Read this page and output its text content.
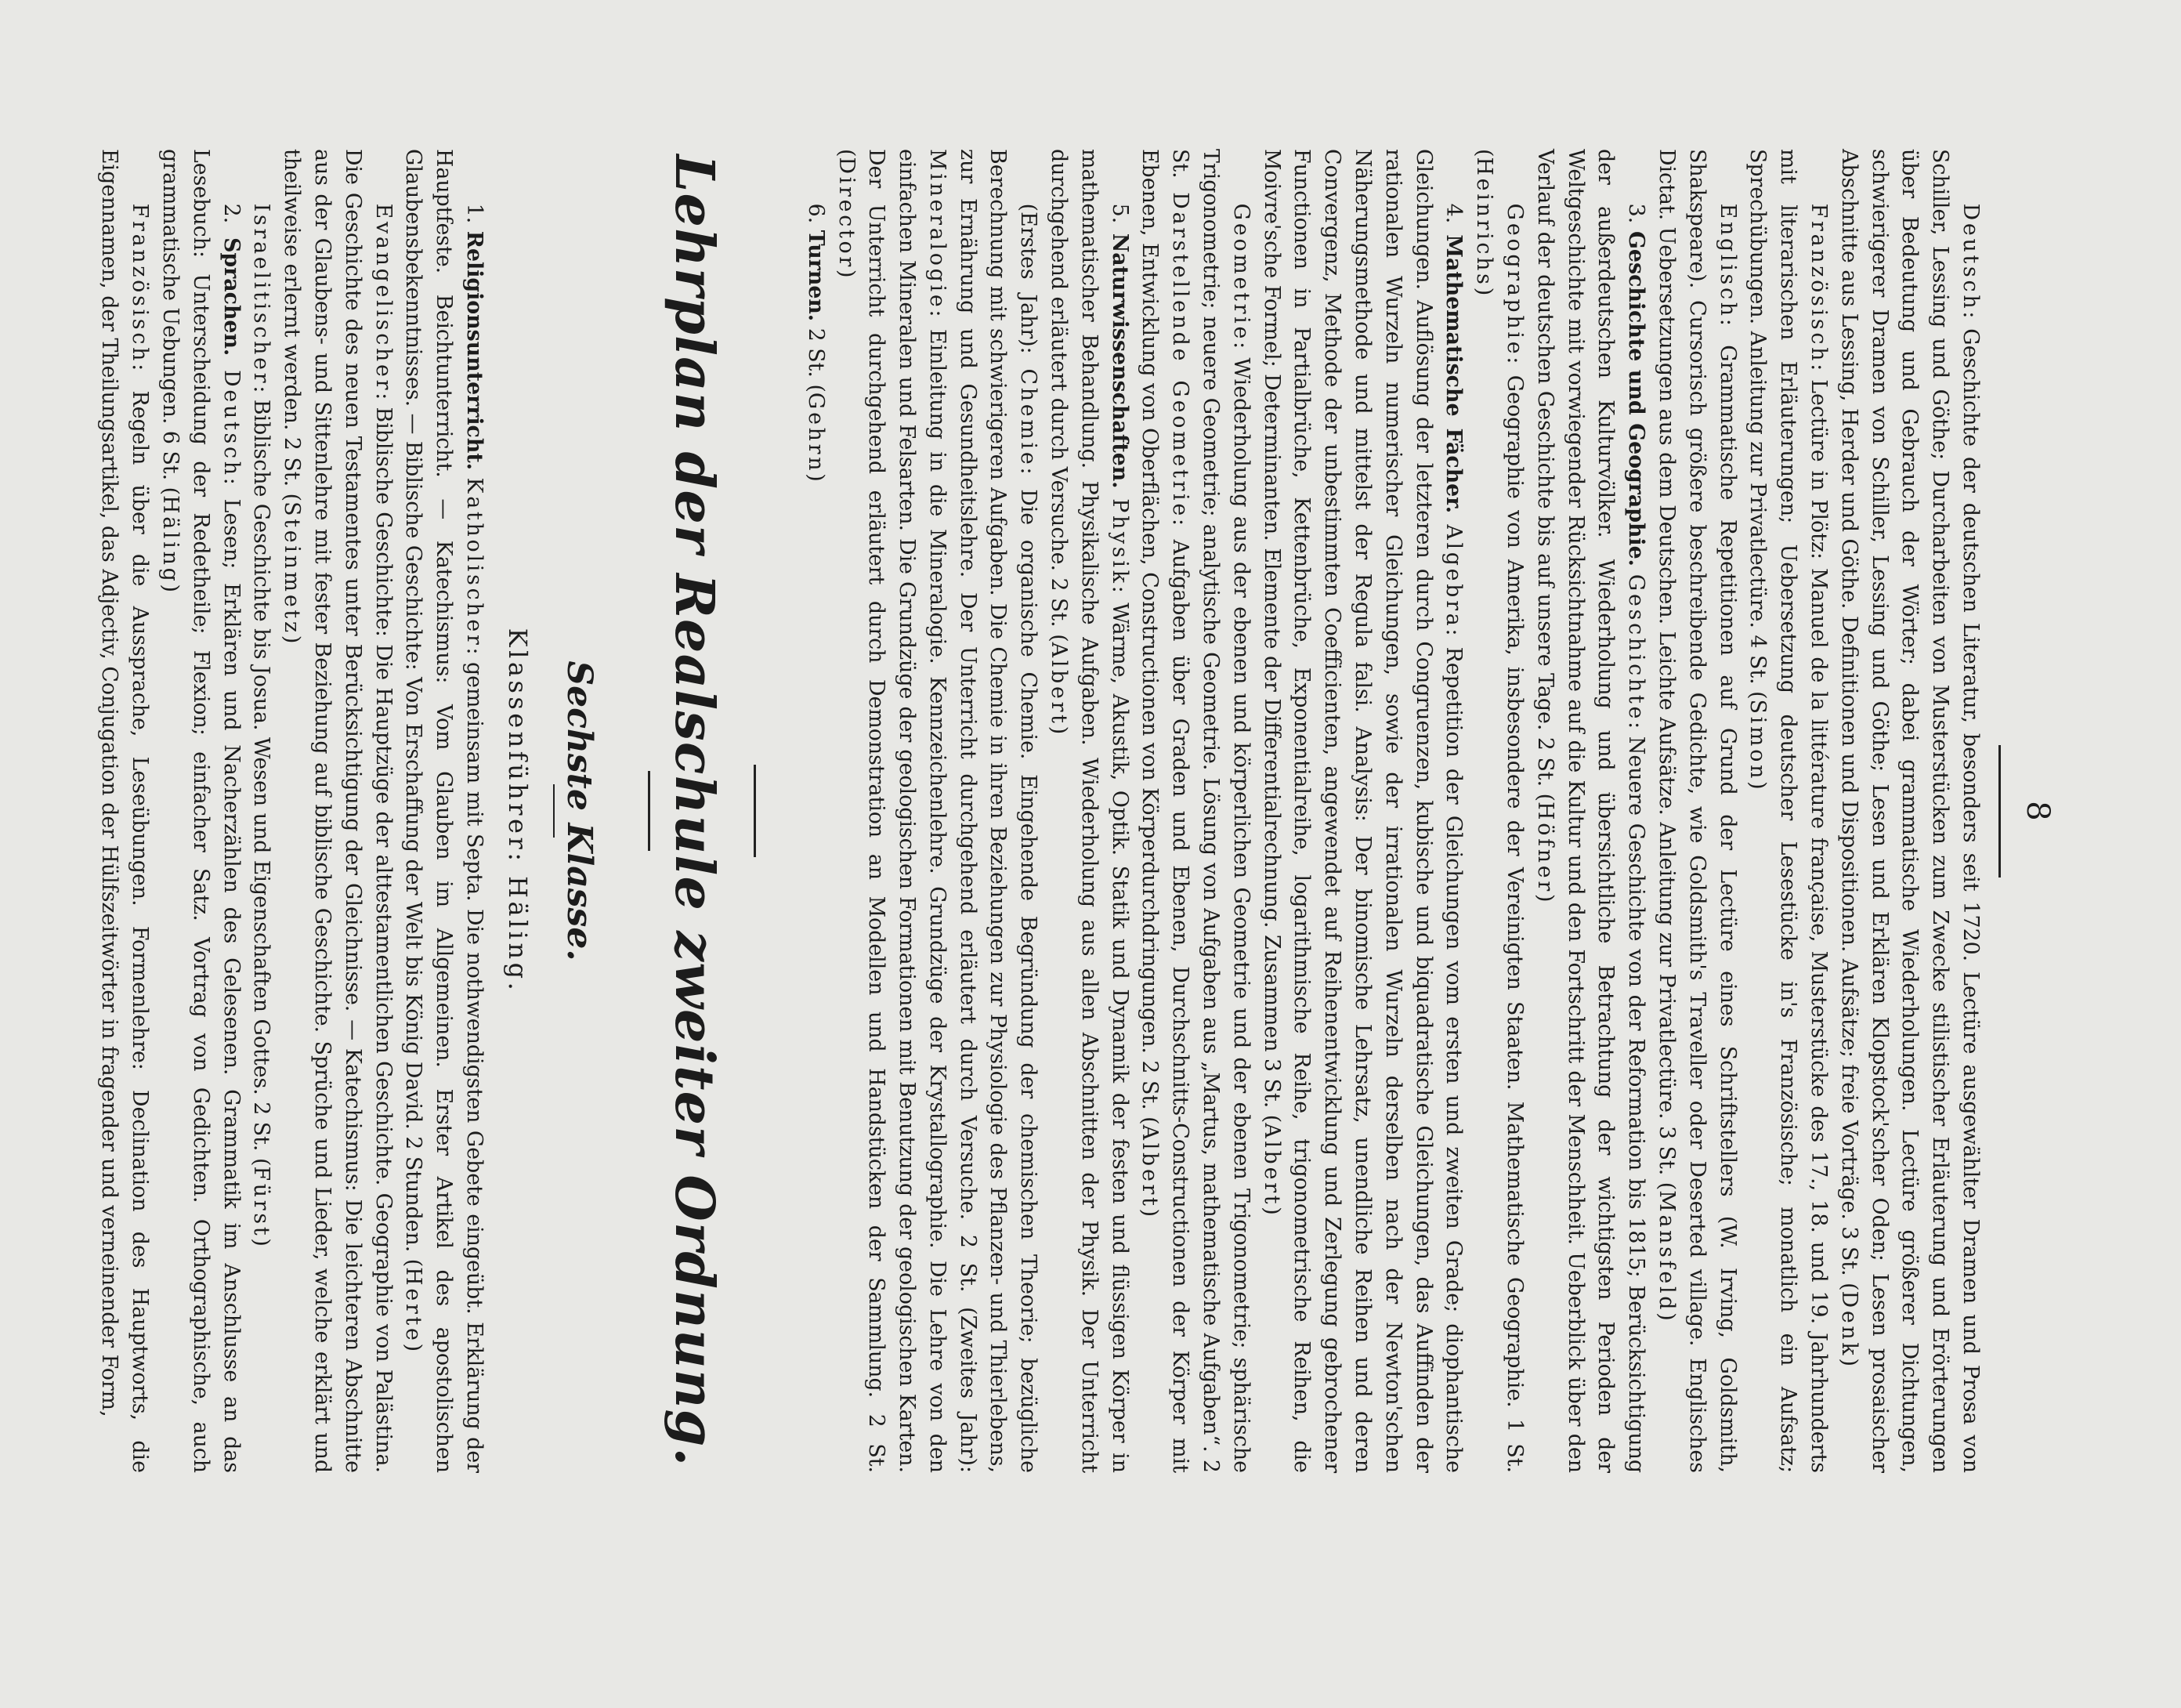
8

Deutsch: Geschichte der deutschen Literatur, besonders seit 1720. Lectüre ausgewählter Dramen und Prosa von Schiller, Lessing und Göthe; Durcharbeiten von Musterstücken zum Zwecke stilistischer Erläuterung und Erörterungen über Bedeutung und Gebrauch der Wörter; dabei grammatische Wiederholungen. Lectüre größerer Dichtungen, schwierigerer Dramen von Schiller, Lessing und Göthe; Lesen und Erklären Klopstock'scher Oden; Lesen prosaischer Abschnitte aus Lessing, Herder und Göthe. Definitionen und Dispositionen. Aufsätze; freie Vorträge. 3 St. (Denk)

Französisch: Lectüre in Plötz: Manuel de la littérature française, Musterstücke des 17., 18. und 19. Jahrhunderts mit literarischen Erläuterungen; Uebersetzung deutscher Lesestücke in's Französische; monatlich ein Aufsatz; Sprechübungen. Anleitung zur Privatlectüre. 4 St. (Simon)

Englisch: Grammatische Repetitionen auf Grund der Lectüre eines Schriftstellers (W. Irving, Goldsmith, Shakspeare). Cursorisch größere beschreibende Gedichte, wie Goldsmith's Traveller oder Deserted village. Englisches Dictat. Uebersetzungen aus dem Deutschen. Leichte Aufsätze. Anleitung zur Privatlectüre. 3 St. (Mansfeld)

3. Geschichte und Geographie. Geschichte: Neuere Geschichte von der Reformation bis 1815; Berücksichtigung der außerdeutschen Kulturvölker. Wiederholung und übersichtliche Betrachtung der wichtigsten Perioden der Weltgeschichte mit vorwiegender Rücksichtnahme auf die Kultur und den Fortschritt der Menschheit. Ueberblick über den Verlauf der deutschen Geschichte bis auf unsere Tage. 2 St. (Höfner)

Geographie: Geographie von Amerika, insbesondere der Vereinigten Staaten. Mathematische Geographie. 1 St. (Heinrichs)

4. Mathematische Fächer. Algebra: Repetition der Gleichungen vom ersten und zweiten Grade; diophantische Gleichungen. Auflösung der letzteren durch Congruenzen, kubische und biquadratische Gleichungen, das Auffinden der rationalen Wurzeln numerischer Gleichungen, sowie der irrationalen Wurzeln derselben nach der Newton'schen Näherungsmethode und mittelst der Regula falsi. Analysis: Der binomische Lehrsatz, unendliche Reihen und deren Convergenz, Methode der unbestimmten Coefficienten, angewendet auf Reihenentwicklung und Zerlegung gebrochener Functionen in Partialbrüche, Kettenbrüche, Exponentialreihe, logarithmische Reihe, trigonometrische Reihen, die Moivre'sche Formel; Determinanten. Elemente der Differentialrechnung. Zusammen 3 St. (Albert)

Geometrie: Wiederholung aus der ebenen und körperlichen Geometrie und der ebenen Trigonometrie; sphärische Trigonometrie; neuere Geometrie; analytische Geometrie. Lösung von Aufgaben aus „Martus, mathematische Aufgaben“. 2 St. Darstellende Geometrie: Aufgaben über Graden und Ebenen, Durchschnitts-Constructionen der Körper mit Ebenen, Entwicklung von Oberflächen, Constructionen von Körperdurchdringungen. 2 St. (Albert)

5. Naturwissenschaften. Physik: Wärme, Akustik, Optik. Statik und Dynamik der festen und flüssigen Körper in mathematischer Behandlung. Physikalische Aufgaben. Wiederholung aus allen Abschnitten der Physik. Der Unterricht durchgehend erläutert durch Versuche. 2 St. (Albert)

(Erstes Jahr): Chemie: Die organische Chemie. Eingehende Begründung der chemischen Theorie; bezügliche Berechnung mit schwierigeren Aufgaben. Die Chemie in ihren Beziehungen zur Physiologie des Pflanzen- und Thierlebens, zur Ernährung und Gesundheitslehre. Der Unterricht durchgehend erläutert durch Versuche. 2 St. (Zweites Jahr): Mineralogie: Einleitung in die Mineralogie. Kennzeichenlehre. Grundzüge der Krystallographie. Die Lehre von den einfachen Mineralen und Felsarten. Die Grundzüge der geologischen Formationen mit Benutzung der geologischen Karten. Der Unterricht durchgehend erläutert durch Demonstration an Modellen und Handstücken der Sammlung. 2 St. (Director)

6. Turnen. 2 St. (Gehrn)

Lehrplan der Realschule zweiter Ordnung.
Sechste Klasse.
Klassenführer: Häling.

1. Religionsunterricht. Katholischer: gemeinsam mit Septa. Die nothwendigsten Gebete eingeübt. Erklärung der Hauptfeste. Beichtunterricht. — Katechismus: Vom Glauben im Allgemeinen. Erster Artikel des apostolischen Glaubensbekenntnisses. — Biblische Geschichte: Von Erschaffung der Welt bis König David. 2 Stunden. (Herte)

Evangelischer: Biblische Geschichte: Die Hauptzüge der alttestamentlichen Geschichte. Geographie von Palästina. Die Geschichte des neuen Testamentes unter Berücksichtigung der Gleichnisse. — Katechismus: Die leichteren Abschnitte aus der Glaubens- und Sittenlehre mit fester Beziehung auf biblische Geschichte. Sprüche und Lieder, welche erklärt und theilweise erlernt werden. 2 St. (Steinmetz)

Israelitischer: Biblische Geschichte bis Josua. Wesen und Eigenschaften Gottes. 2 St. (Fürst)

2. Sprachen. Deutsch: Lesen; Erklären und Nacherzählen des Gelesenen. Grammatik im Anschlusse an das Lesebuch: Unterscheidung der Redetheile; Flexion; einfacher Satz. Vortrag von Gedichten. Orthographische, auch grammatische Uebungen. 6 St. (Häling)

Französisch: Regeln über die Aussprache, Leseübungen. Formenlehre: Declination des Hauptworts, die Eigennamen, der Theilungsartikel, das Adjectiv, Conjugation der Hülfszeitwörter in fragender und verneinender Form,
